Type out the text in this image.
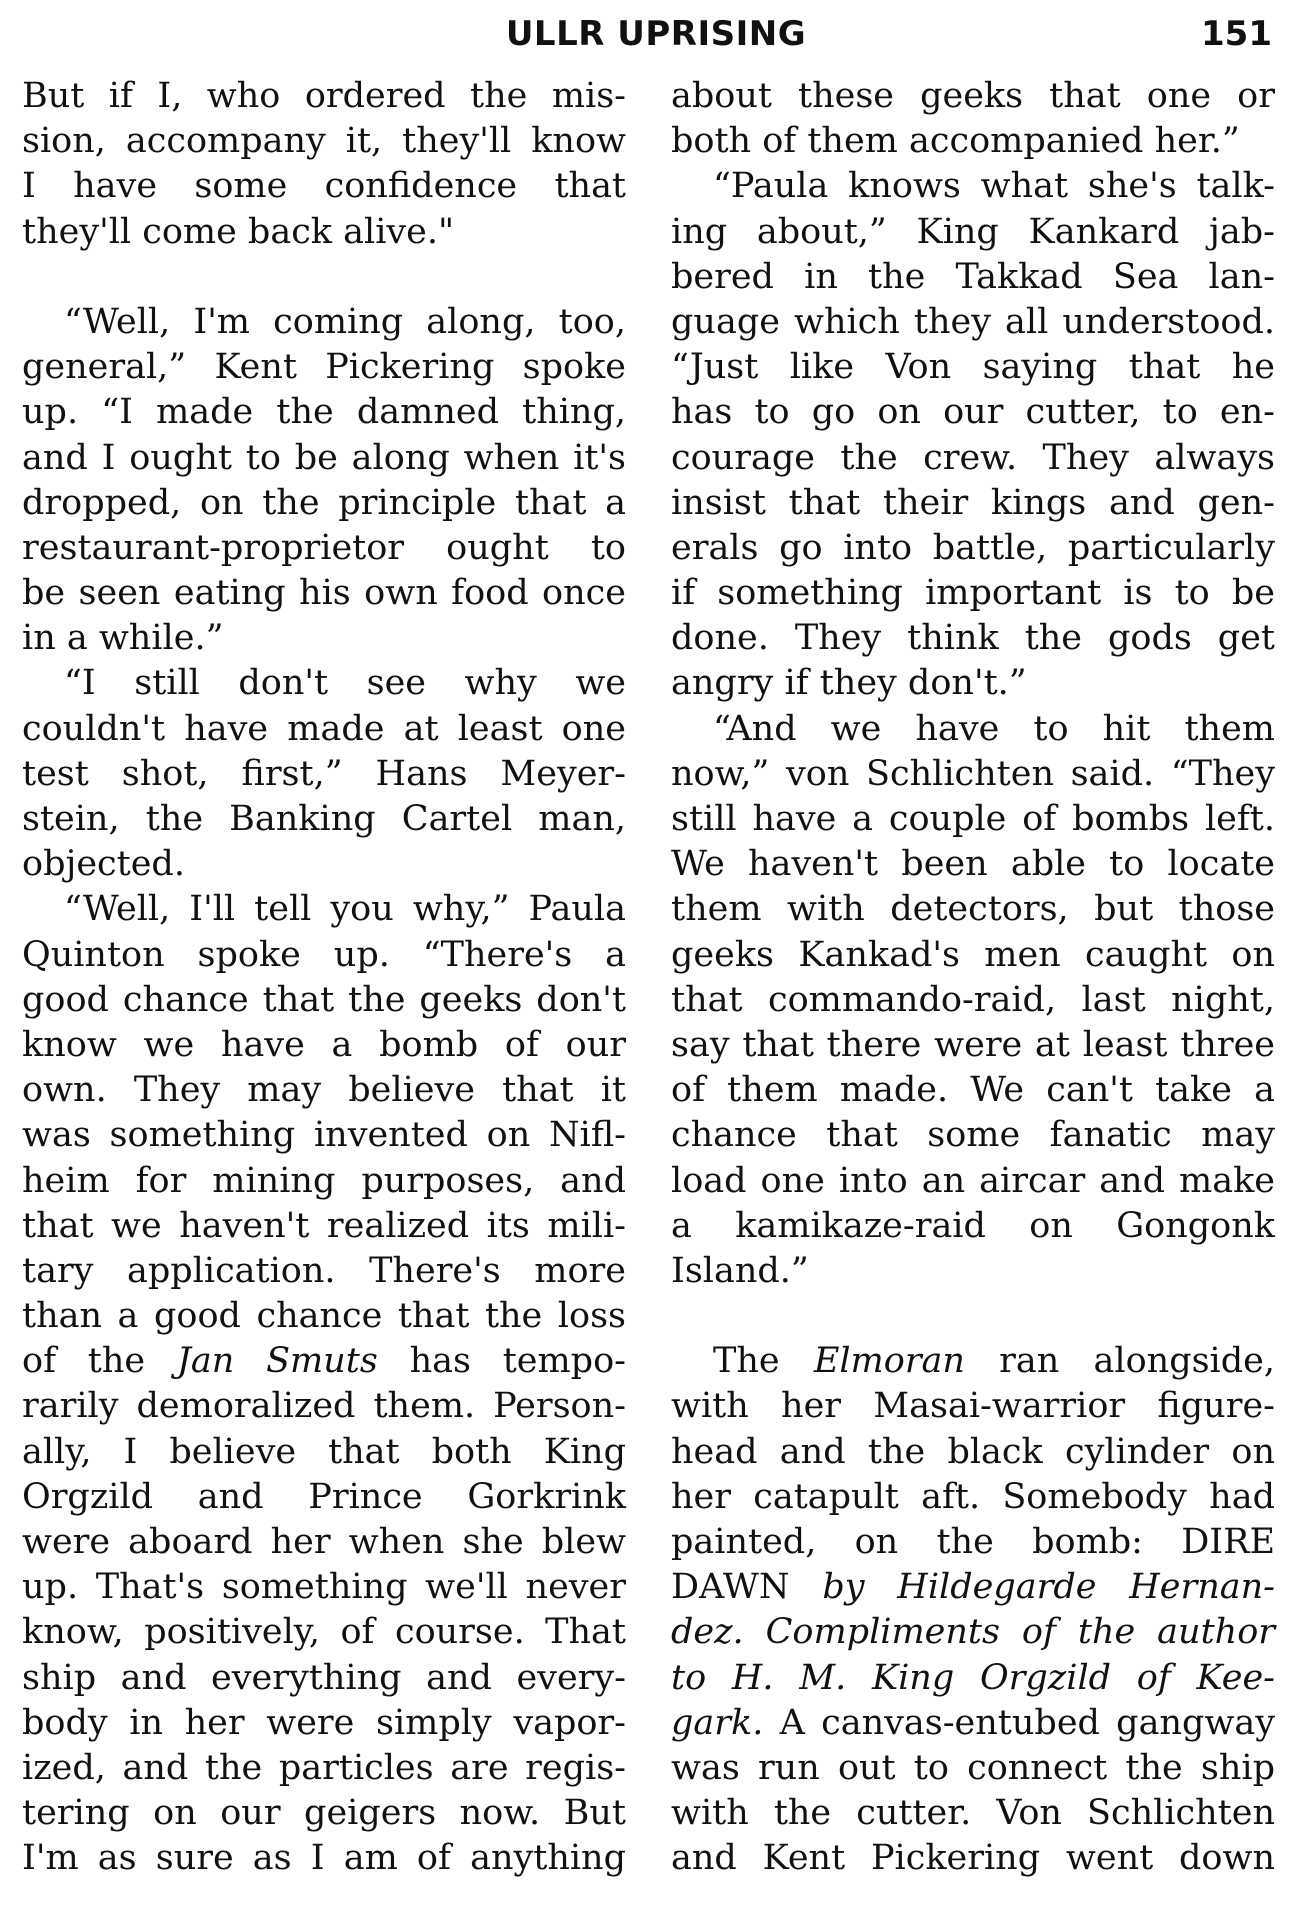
ULLR UPRISING	151
But if I, who ordered the mis-
sion, accompany it, they'll know
I have some confidence that
they'll come back alive."
“Well, I'm coming along, too,
general,” Kent Pickering spoke
up. “I made the damned thing,
and I ought to be along when it's
dropped, on the principle that a
restaurant-proprietor ought to
be seen eating his own food once
in a while.”
“I still don't see why we
couldn't have made at least one
test shot, first,” Hans Meyer-
stein, the Banking Cartel man,
objected.
“Well, I'll tell you why,” Paula
Quinton spoke up. “There's a
good chance that the geeks don't
know we have a bomb of our
own. They may believe that it
was something invented on Nifl-
heim for mining purposes, and
that we haven't realized its mili-
tary application. There's more
than a good chance that the loss
of the Jan Smuts has tempo-
rarily demoralized them. Person-
ally, I believe that both King
Orgzild and Prince Gorkrink
were aboard her when she blew
up. That's something we'll never
know, positively, of course. That
ship and everything and every-
body in her were simply vapor-
ized, and the particles are regis-
tering on our geigers now. But
I'm as sure as I am of anything
about these geeks that one or
both of them accompanied her.”
“Paula knows what she's talk-
ing about,” King Kankard jab-
bered in the Takkad Sea lan-
guage which they all understood.
“Just like Von saying that he
has to go on our cutter, to en-
courage the crew. They always
insist that their kings and gen-
erals go into battle, particularly
if something important is to be
done. They think the gods get
angry if they don't.”
“And we have to hit them
now,” von Schlichten said. “They
still have a couple of bombs left.
We haven't been able to locate
them with detectors, but those
geeks Kankad's men caught on
that commando-raid, last night,
say that there were at least three
of them made. We can't take a
chance that some fanatic may
load one into an aircar and make
a kamikaze-raid on Gongonk
Island.”
The Elmoran ran alongside,
with her Masai-warrior figure-
head and the black cylinder on
her catapult aft. Somebody had
painted, on the bomb: DIRE
DAWN by Hildegarde Hernan-
dez. Compliments of the author
to H. M. King Orgzild of Kee-
gark. A canvas-entubed gangway
was run out to connect the ship
with the cutter. Von Schlichten
and Kent Pickering went down
